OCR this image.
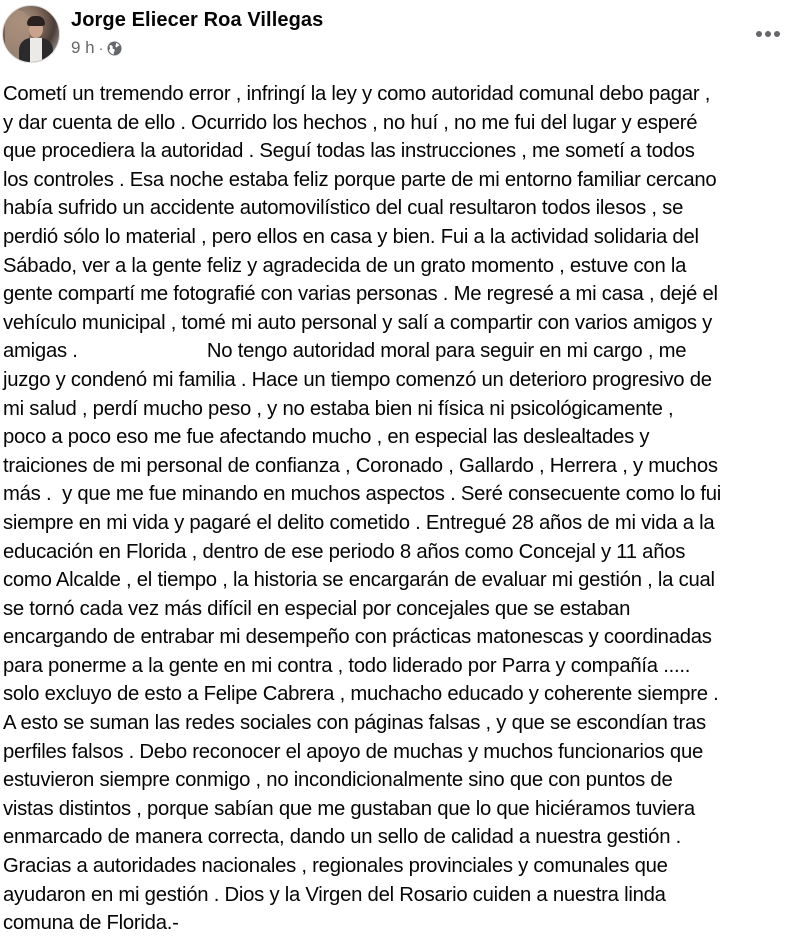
Jorge Eliecer Roa Villegas
9 h ·
Cometí un tremendo error , infringí la ley y como autoridad comunal debo pagar ,
y dar cuenta de ello . Ocurrido los hechos , no huí , no me fui del lugar y esperé
que procediera la autoridad . Seguí todas las instrucciones , me sometí a todos
los controles . Esa noche estaba feliz porque parte de mi entorno familiar cercano
había sufrido un accidente automovilístico del cual resultaron todos ilesos , se
perdió sólo lo material , pero ellos en casa y bien. Fui a la actividad solidaria del
Sábado, ver a la gente feliz y agradecida de un grato momento , estuve con la
gente compartí me fotografié con varias personas . Me regresé a mi casa , dejé el
vehículo municipal , tomé mi auto personal y salí a compartir con varios amigos y
amigas .                        No tengo autoridad moral para seguir en mi cargo , me
juzgo y condenó mi familia . Hace un tiempo comenzó un deterioro progresivo de
mi salud , perdí mucho peso , y no estaba bien ni física ni psicológicamente ,
poco a poco eso me fue afectando mucho , en especial las deslealtades y
traiciones de mi personal de confianza , Coronado , Gallardo , Herrera , y muchos
más .  y que me fue minando en muchos aspectos . Seré consecuente como lo fui
siempre en mi vida y pagaré el delito cometido . Entregué 28 años de mi vida a la
educación en Florida , dentro de ese periodo 8 años como Concejal y 11 años
como Alcalde , el tiempo , la historia se encargarán de evaluar mi gestión , la cual
se tornó cada vez más difícil en especial por concejales que se estaban
encargando de entrabar mi desempeño con prácticas matonescas y coordinadas
para ponerme a la gente en mi contra , todo liderado por Parra y compañía .....
solo excluyo de esto a Felipe Cabrera , muchacho educado y coherente siempre .
A esto se suman las redes sociales con páginas falsas , y que se escondían tras
perfiles falsos . Debo reconocer el apoyo de muchas y muchos funcionarios que
estuvieron siempre conmigo , no incondicionalmente sino que con puntos de
vistas distintos , porque sabían que me gustaban que lo que hiciéramos tuviera
enmarcado de manera correcta, dando un sello de calidad a nuestra gestión .
Gracias a autoridades nacionales , regionales provinciales y comunales que
ayudaron en mi gestión . Dios y la Virgen del Rosario cuiden a nuestra linda
comuna de Florida.-
